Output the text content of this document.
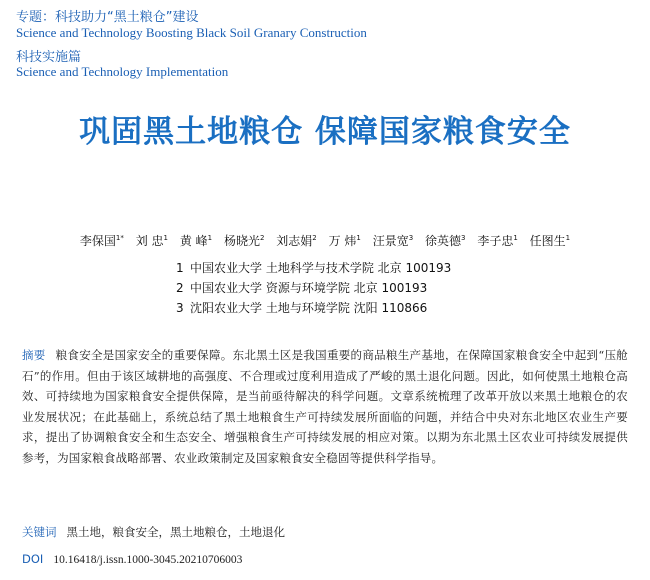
专题：科技助力“黑土粮仓”建设
Science and Technology Boosting Black Soil Granary Construction
科技实施篇
Science and Technology Implementation
巩固黑土地粮仓 保障国家粮食安全
李保国$^{1*}$ 刘 忠$^1$ 黄 峰$^1$ 杨晓光$^2$ 刘志娟$^2$ 万 炜$^1$ 汪景宽$^3$ 徐英德$^3$ 李子忠$^1$ 任图生$^1$
1 中国农业大学 土地科学与技术学院 北京 100193
2 中国农业大学 资源与环境学院 北京 100193
3 沈阳农业大学 土地与环境学院 沈阳 110866
摘要 粮食安全是国家安全的重要保障。东北黑土区是我国重要的商品粮生产基地，在保障国家粮食安全中起到“压舱石”的作用。但由于该区域耕地的高强度、不合理或过度利用造成了严峻的黑土退化问题。因此，如何使黑土地粮仓高效、可持续地为国家粮食安全提供保障，是当前亟待解决的科学问题。文章系统梳理了改革开放以来黑土地粮仓的农业发展状况；在此基础上，系统总结了黑土地粮食生产可持续发展所面临的问题，并结合中央对东北地区农业生产要求，提出了协调粮食安全和生态安全、增强粮食生产可持续发展的相应对策。以期为东北黑土区农业可持续发展提供参考，为国家粮食战略部署、农业政策制定及国家粮食安全稳固等提供科学指导。
关键词 黑土地，粮食安全，黑土地粮仓，土地退化
DOI 10.16418/j.issn.1000-3045.20210706003
